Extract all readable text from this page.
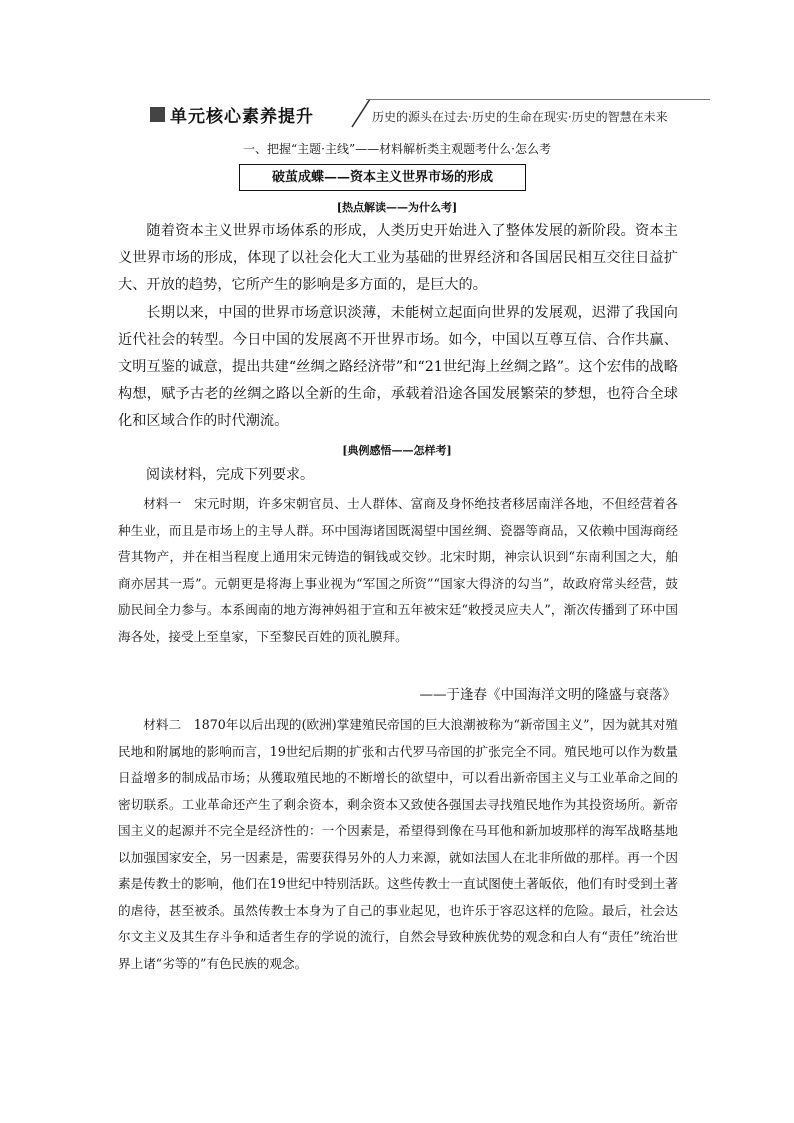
单元核心素养提升	历史的源头在过去·历史的生命在现实·历史的智慧在未来
一、把握“主题·主线”——材料解析类主观题考什么·怎么考
破茧成蝶——资本主义世界市场的形成
[热点解读——为什么考]

随着资本主义世界市场体系的形成，人类历史开始进入了整体发展的新阶段。资本主义世界市场的形成，体现了以社会化大工业为基础的世界经济和各国居民相互交往日益扩大、开放的趋势，它所产生的影响是多方面的，是巨大的。

长期以来，中国的世界市场意识淡薄，未能树立起面向世界的发展观，迟滞了我国向近代社会的转型。今日中国的发展离不开世界市场。如今，中国以互尊互信、合作共赢、文明互鉴的诚意，提出共建“丝绸之路经济带”和“21世纪海上丝绸之路”。这个宏伟的战略构想，赋予古老的丝绸之路以全新的生命，承载着沿途各国发展繁荣的梦想，也符合全球化和区域合作的时代潮流。

[典例感悟——怎样考]

阅读材料，完成下列要求。

材料一　宋元时期，许多宋朝官员、士人群体、富商及身怀绝技者移居南洋各地，不但经营着各种生业，而且是市场上的主导人群。环中国海诸国既渴望中国丝绸、瓷器等商品，又依赖中国海商经营其物产，并在相当程度上通用宋元铸造的铜钱或交钞。北宋时期，神宗认识到“东南利国之大，舶商亦居其一焉”。元朝更是将海上事业视为“军国之所资”“国家大得济的勾当”，故政府常头经营，鼓励民间全力参与。本系闽南的地方海神妈祖于宣和五年被宋廷“敕授灵应夫人”，渐次传播到了环中国海各处，接受上至皇家，下至黎民百姓的顶礼膜拜。

——于逢春《中国海洋文明的隆盛与衰落》

材料二　1870年以后出现的(欧洲)掌建殖民帝国的巨大浪潮被称为“新帝国主义”，因为就其对殖民地和附属地的影响而言，19世纪后期的扩张和古代罗马帝国的扩张完全不同。殖民地可以作为数量日益增多的制成品市场；从獲取殖民地的不断增长的欲望中，可以看出新帝国主义与工业革命之间的密切联系。工业革命还产生了剩余资本，剩余资本又致使各强国去寻找殖民地作为其投资场所。新帝国主义的起源并不完全是经济性的：一个因素是，希望得到像在马耳他和新加坡那样的海军战略基地以加强国家安全，另一因素是，需要获得另外的人力来源，就如法国人在北非所做的那样。再一个因素是传教士的影响，他们在19世纪中特别活跃。这些传教士一直试图使土著皈依，他们有时受到土著的虐待，甚至被杀。虽然传教士本身为了自己的事业起见，也许乐于容忍这样的危险。最后，社会达尔文主义及其生存斗争和适者生存的学说的流行，自然会导致种族优势的观念和白人有“责任”统治世界上诸“劣等的”有色民族的观念。
